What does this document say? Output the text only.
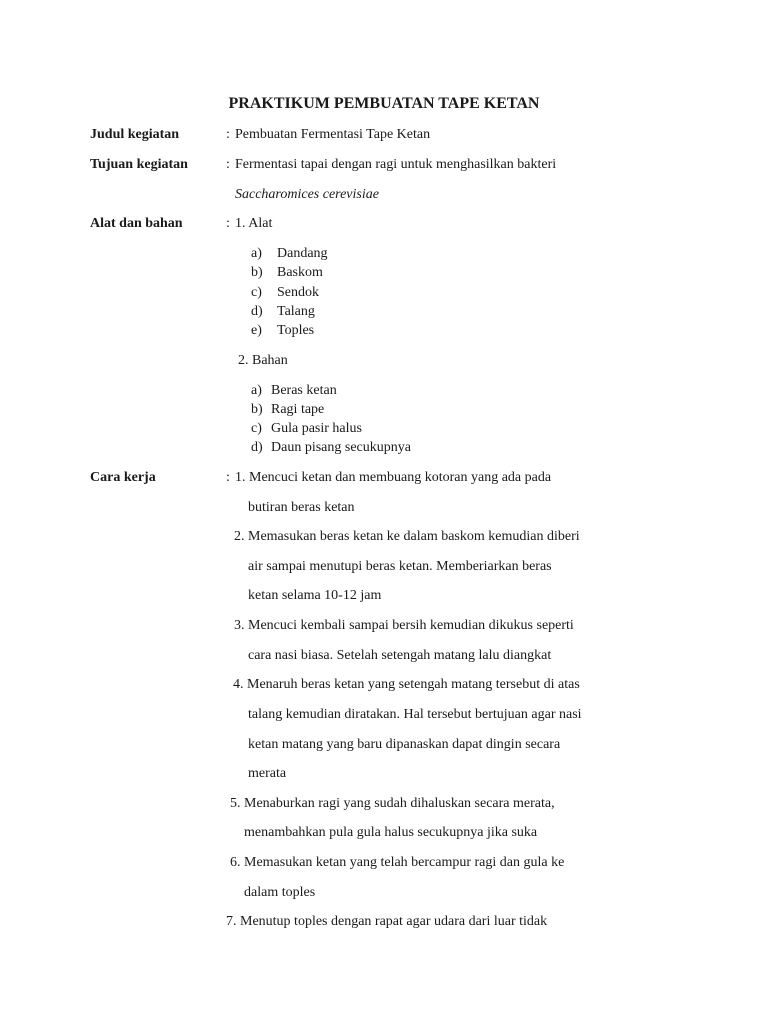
PRAKTIKUM PEMBUATAN TAPE KETAN
Judul kegiatan	: Pembuatan Fermentasi Tape Ketan
Tujuan kegiatan	: Fermentasi tapai dengan ragi untuk menghasilkan bakteri
Saccharomices cerevisiae
Alat dan bahan	: 1. Alat
a) Dandang
b) Baskom
c) Sendok
d) Talang
e) Toples
2. Bahan
a) Beras ketan
b) Ragi tape
c) Gula pasir halus
d) Daun pisang secukupnya
Cara kerja	: 1. Mencuci ketan dan membuang kotoran yang ada pada
butiran beras ketan
2. Memasukan beras ketan ke dalam baskom kemudian diberi
air sampai menutupi beras ketan. Memberiarkan beras
ketan selama 10-12 jam
3. Mencuci kembali sampai bersih kemudian dikukus seperti
cara nasi biasa. Setelah setengah matang lalu diangkat
4. Menaruh beras ketan yang setengah matang tersebut di atas
talang kemudian diratakan. Hal tersebut bertujuan agar nasi
ketan matang yang baru dipanaskan dapat dingin secara
merata
5. Menaburkan ragi yang sudah dihaluskan secara merata,
menambahkan pula gula halus secukupnya jika suka
6. Memasukan ketan yang telah bercampur ragi dan gula ke
dalam toples
7. Menutup toples dengan rapat agar udara dari luar tidak
